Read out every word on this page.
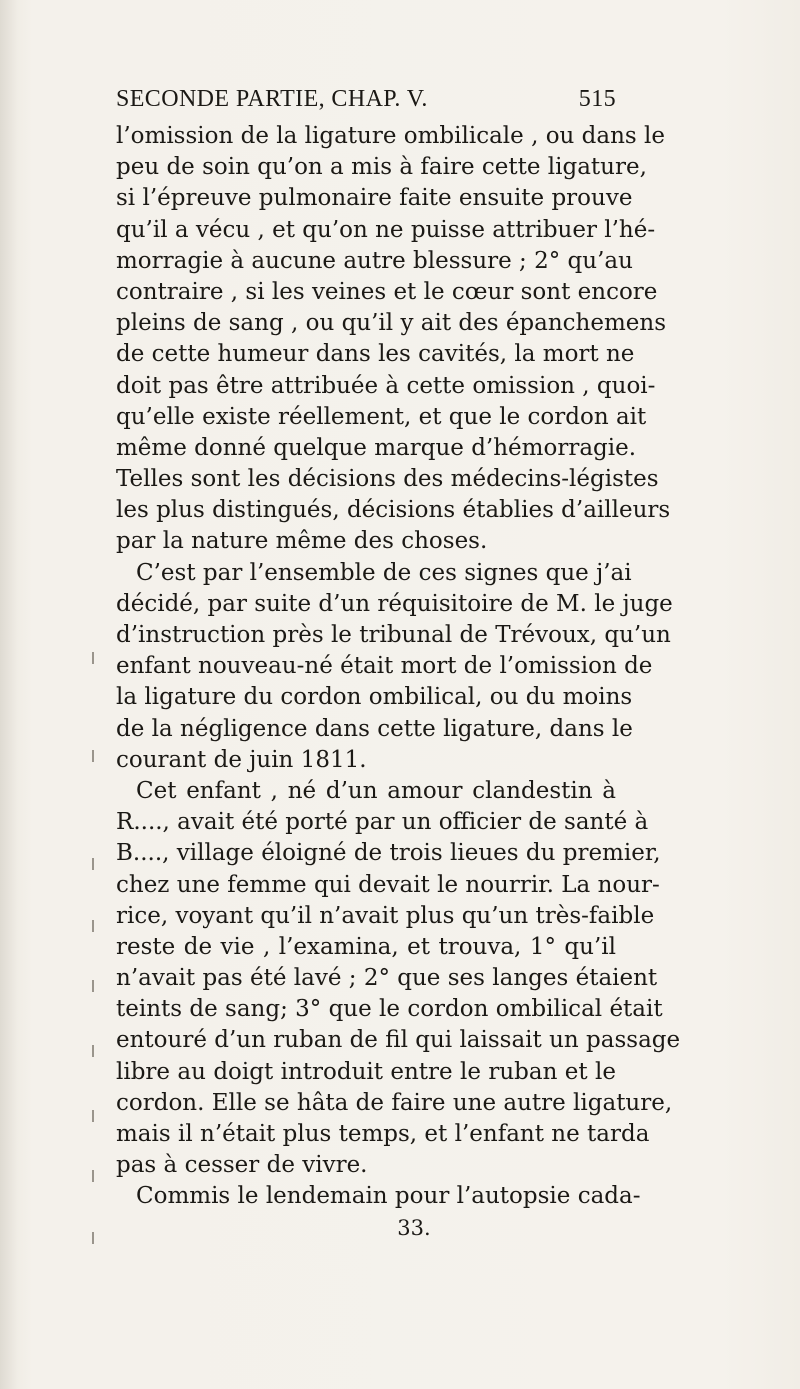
SECONDE PARTIE, CHAP. V.	515
l’omission de la ligature ombilicale , ou dans le
peu de soin qu’on a mis à faire cette ligature,
si l’épreuve pulmonaire faite ensuite prouve
qu’il a vécu , et qu’on ne puisse attribuer l’hé-
morragie à aucune autre blessure ; 2° qu’au
contraire , si les veines et le cœur sont encore
pleins de sang , ou qu’il y ait des épanchemens
de cette humeur dans les cavités, la mort ne
doit pas être attribuée à cette omission , quoi-
qu’elle existe réellement, et que le cordon ait
même donné quelque marque d’hémorragie.
Telles sont les décisions des médecins-légistes
les plus distingués, décisions établies d’ailleurs
par la nature même des choses.
C’est par l’ensemble de ces signes que j’ai
décidé, par suite d’un réquisitoire de M. le juge
d’instruction près le tribunal de Trévoux, qu’un
enfant nouveau-né était mort de l’omission de
la ligature du cordon ombilical, ou du moins
de la négligence dans cette ligature, dans le
courant de juin 1811.
Cet enfant , né d’un amour clandestin à
R...., avait été porté par un officier de santé à
B...., village éloigné de trois lieues du premier,
chez une femme qui devait le nourrir. La nour-
rice, voyant qu’il n’avait plus qu’un très-faible
reste de vie , l’examina, et trouva, 1° qu’il
n’avait pas été lavé ; 2° que ses langes étaient
teints de sang; 3° que le cordon ombilical était
entouré d’un ruban de fil qui laissait un passage
libre au doigt introduit entre le ruban et le
cordon. Elle se hâta de faire une autre ligature,
mais il n’était plus temps, et l’enfant ne tarda
pas à cesser de vivre.
Commis le lendemain pour l’autopsie cada-
33.
